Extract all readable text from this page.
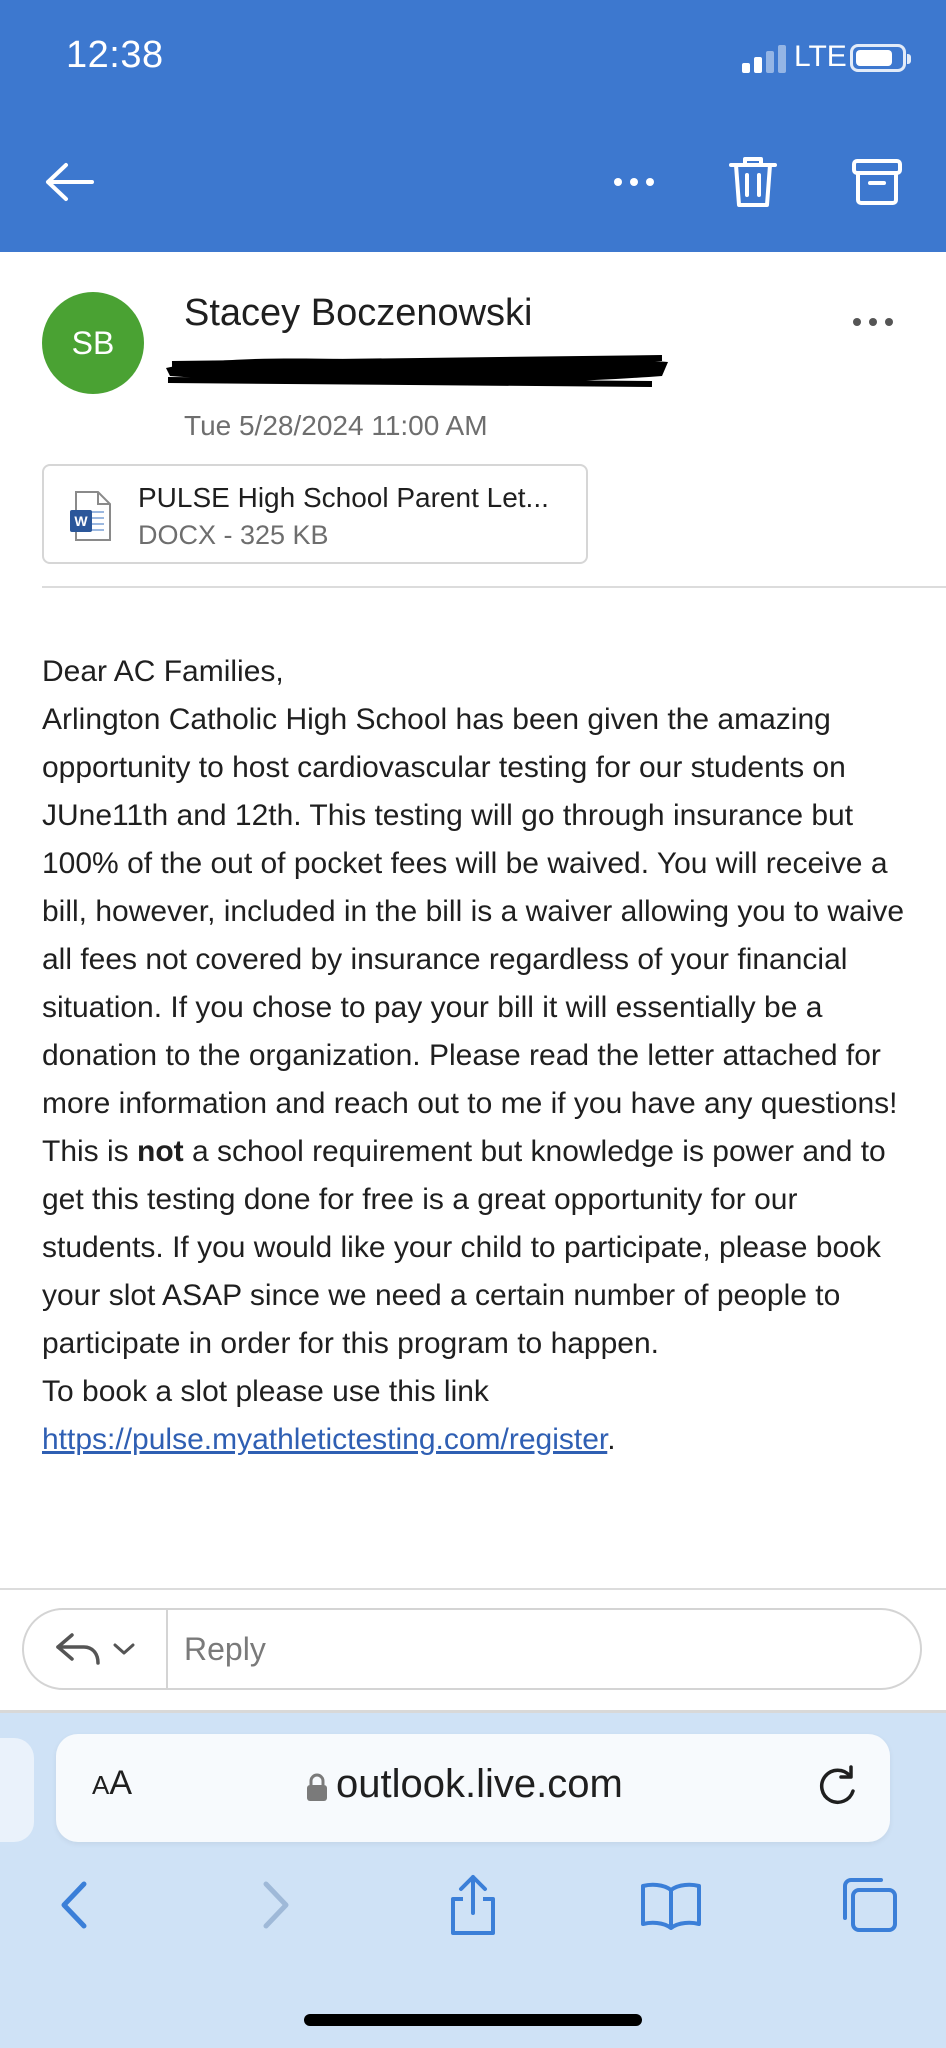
12:38	LTE
SB
Stacey Boczenowski
Tue 5/28/2024 11:00 AM
W
PULSE High School Parent Let...
DOCX - 325 KB

Dear AC Families,

Arlington Catholic High School has been given the amazing opportunity to host cardiovascular testing for our students on JUne11th and 12th. This testing will go through insurance but 100% of the out of pocket fees will be waived. You will receive a bill, however, included in the bill is a waiver allowing you to waive all fees not covered by insurance regardless of your financial situation. If you chose to pay your bill it will essentially be a donation to the organization. Please read the letter attached for more information and reach out to me if you have any questions!

This is not a school requirement but knowledge is power and to get this testing done for free is a great opportunity for our students. If you would like your child to participate, please book your slot ASAP since we need a certain number of people to participate in order for this program to happen.

To book a slot please use this link https://pulse.myathletictesting.com/register.

Reply
AA	outlook.live.com
